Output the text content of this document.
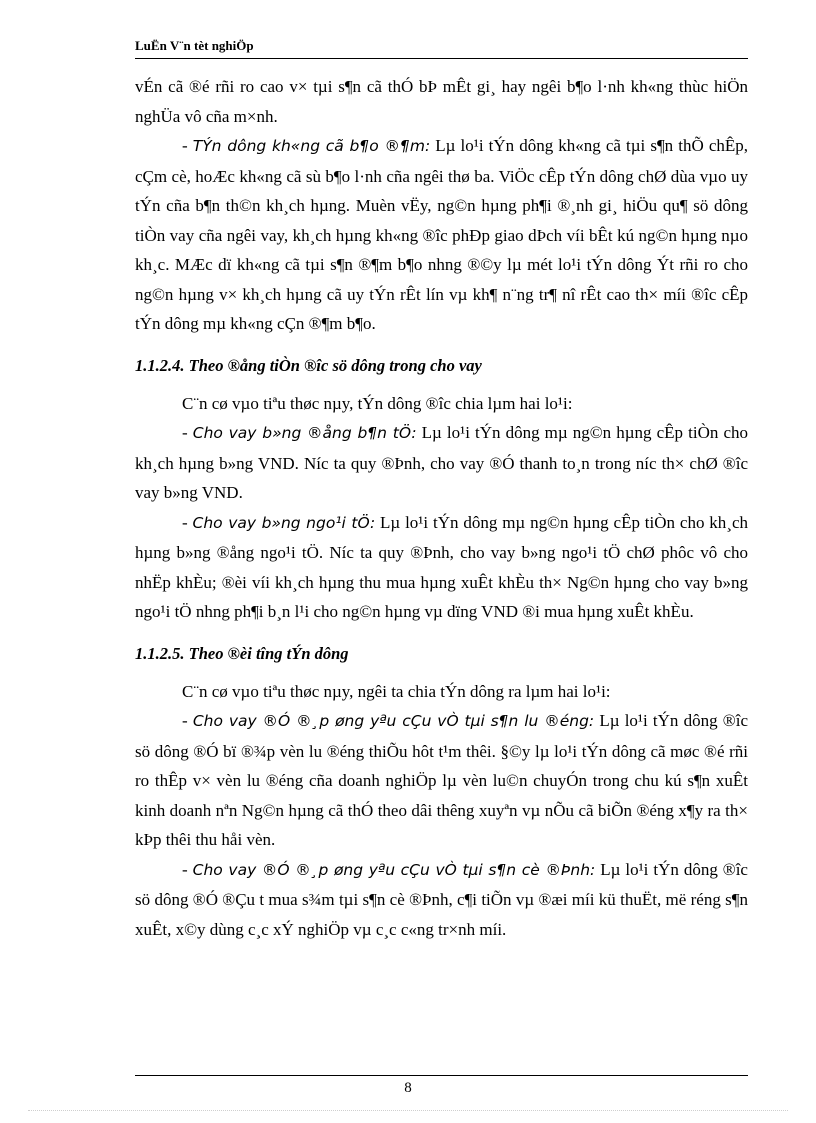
LuËn V¨n tèt nghiÖp

vÉn cã ®é rñi ro cao v× tµi s¶n cã thÓ bÞ mÊt gi¸ hay ngêi b¶o l·nh kh«ng thùc hiÖn nghÜa vô cña m×nh.

- TÝn dông kh«ng cã b¶o ®¶m: Lµ lo¹i tÝn dông kh«ng cã tµi s¶n thÕ chÊp, cÇm cè, hoÆc kh«ng cã sù b¶o l·nh cña ngêi thø ba. ViÖc cÊp tÝn dông chØ dùa vµo uy tÝn cña b¶n th©n kh¸ch hµng. Muèn vËy, ng©n hµng ph¶i ®¸nh gi¸ hiÖu qu¶ sö dông tiÒn vay cña ngêi vay, kh¸ch hµng kh«ng ®îc phÐp giao dÞch víi bÊt kú ng©n hµng nµo kh¸c. MÆc dï kh«ng cã tµi s¶n ®¶m b¶o nhng ®©y lµ mét lo¹i tÝn dông Ýt rñi ro cho ng©n hµng v× kh¸ch hµng cã uy tÝn rÊt lín vµ kh¶ n¨ng tr¶ nî rÊt cao th× míi ®îc cÊp tÝn dông mµ kh«ng cÇn ®¶m b¶o.

1.1.2.4. Theo ®ång tiÒn ®îc sö dông trong cho vay

C¨n cø vµo tiªu thøc nµy, tÝn dông ®îc chia lµm hai lo¹i:

- Cho vay b»ng ®ång b¶n tÖ: Lµ lo¹i tÝn dông mµ ng©n hµng cÊp tiÒn cho kh¸ch hµng b»ng VND. Níc ta quy ®Þnh, cho vay ®Ó thanh to¸n trong níc th× chØ ®îc vay b»ng VND.

- Cho vay b»ng ngo¹i tÖ: Lµ lo¹i tÝn dông mµ ng©n hµng cÊp tiÒn cho kh¸ch hµng b»ng ®ång ngo¹i tÖ. Níc ta quy ®Þnh, cho vay b»ng ngo¹i tÖ chØ phôc vô cho nhËp khÈu; ®èi víi kh¸ch hµng thu mua hµng xuÊt khÈu th× Ng©n hµng cho vay b»ng ngo¹i tÖ nhng ph¶i b¸n l¹i cho ng©n hµng vµ dïng VND ®i mua hµng xuÊt khÈu.

1.1.2.5. Theo ®èi tîng tÝn dông

C¨n cø vµo tiªu thøc nµy, ngêi ta chia tÝn dông ra lµm hai lo¹i:

- Cho vay ®Ó ®¸p øng yªu cÇu vÒ tµi s¶n lu ®éng: Lµ lo¹i tÝn dông ®îc sö dông ®Ó bï ®¾p vèn lu ®éng thiÕu hôt t¹m thêi. §©y lµ lo¹i tÝn dông cã møc ®é rñi ro thÊp v× vèn lu ®éng cña doanh nghiÖp lµ vèn lu©n chuyÓn trong chu kú s¶n xuÊt kinh doanh nªn Ng©n hµng cã thÓ theo dâi thêng xuyªn vµ nÕu cã biÕn ®éng x¶y ra th× kÞp thêi thu håi vèn.

- Cho vay ®Ó ®¸p øng yªu cÇu vÒ tµi s¶n cè ®Þnh: Lµ lo¹i tÝn dông ®îc sö dông ®Ó ®Çu t mua s¾m tµi s¶n cè ®Þnh, c¶i tiÕn vµ ®æi míi kü thuËt, më réng s¶n xuÊt, x©y dùng c¸c xÝ nghiÖp vµ c¸c c«ng tr×nh míi.

8
